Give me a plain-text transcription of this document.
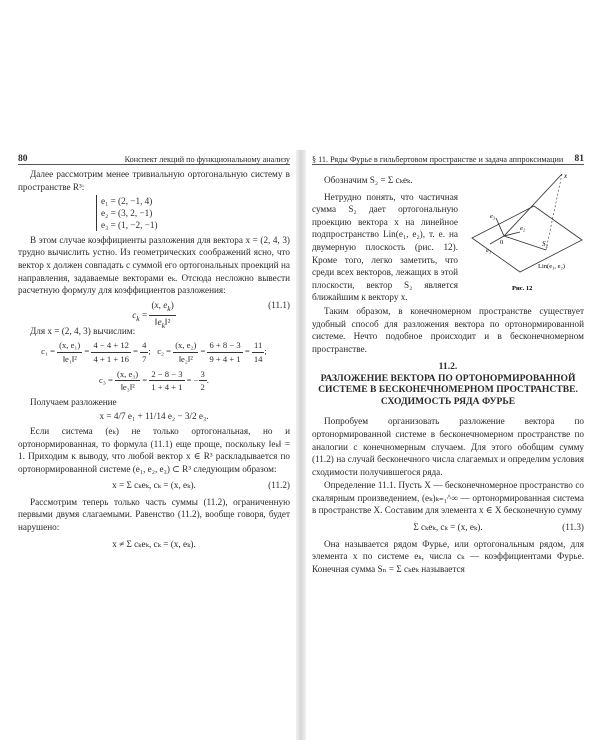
80	Конспект лекций по функциональному анализу	§ 11. Ряды Фурье в гильбертовом пространстве и задача аппроксимации 81

Далее рассмотрим менее тривиальную ортогональную систему в пространстве R³:

e₁ = (2, −1, 4)
e₂ = (3, 2, −1)
e₃ = (1, −2, −1)

В этом случае коэффициенты разложения для вектора x = (2, 4, 3) трудно вычислить устно. Из геометрических соображений ясно, что вектор x должен совпадать с суммой его ортогональных проекций на направления, задаваемые векторами eₖ. Отсюда несложно вывести расчетную формулу для коэффициентов разложения:

$c_k = \frac{(x, e_k)}{‖e_k‖^2}$	(11.1)

Для x = (2, 4, 3) вычислим:

$c_1 = \frac{\text{(x, e₁)}}{\text{‖e₁‖²}} = \frac{4 - 4 + 12}{4 + 1 + 16} = \frac{4}{7}$ ;   $c_2 = \frac{\text{(x, e₂)}}{\text{‖e₂‖²}} = \frac{6 + 8 - 3}{9 + 4 + 1} = \frac{11}{14}$ ;
$c_3 = \frac{\text{(x, e₃)}}{\text{‖e₃‖²}} = \frac{2 - 8 - 3}{1 + 4 + 1}$ = − $\frac{3}{2}$ .

Получаем разложение

x = 4/7 e₁ + 11/14 e₂ − 3/2 e₃.

Если система (eₖ) не только ортогональная, но и ортонормированная, то формула (11.1) еще проще, поскольку ‖eₖ‖ = 1. Приходим к выводу, что любой вектор x ∈ R³ раскладывается по ортонормированной системе (e₁, e₂, e₃) ⊂ R³ следующим образом:

x = Σ cₖeₖ, cₖ = (x, eₖ).	(11.2)

Рассмотрим теперь только часть суммы (11.2), ограниченную первыми двумя слагаемыми. Равенство (11.2), вообще говоря, будет нарушено:

x ≠ Σ cₖeₖ, cₖ = (x, eₖ).
x
S₂
e₁
e₂
e₃
0
Lin(e₁, e₂)
Рис. 12

Обозначим S₂ = Σ cₖeₖ.

Нетрудно понять, что частичная сумма S₂ дает ортогональную проекцию вектора x на линейное подпространство Lin(e₁, e₂), т. е. на двумерную плоскость (рис. 12). Кроме того, легко заметить, что среди всех векторов, лежащих в этой плоскости, вектор S₂ является ближайшим к вектору x.

Таким образом, в конечномерном пространстве существует удобный способ для разложения вектора по ортонормированной системе. Нечто подобное происходит и в бесконечномерном пространстве.

11.2.
РАЗЛОЖЕНИЕ ВЕКТОРА ПО ОРТОНОРМИРОВАННОЙ СИСТЕМЕ В БЕСКОНЕЧНОМЕРНОМ ПРОСТРАНСТВЕ. СХОДИМОСТЬ РЯДА ФУРЬЕ

Попробуем организовать разложение вектора по ортонормированной системе в бесконечномерном пространстве по аналогии с конечномерным случаем. Для этого обобщим сумму (11.2) на случай бесконечного числа слагаемых и определим условия сходимости получившегося ряда.

Определение 11.1. Пусть X — бесконечномерное пространство со скалярным произведением, (eₖ)ₖ₌₁^∞ — ортонормированная система в пространстве X. Составим для элемента x ∈ X бесконечную сумму

Σ cₖeₖ, cₖ = (x, eₖ).	(11.3)

Она называется рядом Фурье, или ортогональным рядом, для элемента x по системе eₖ, числа cₖ — коэффициентами Фурье. Конечная сумма Sₙ = Σ cₖeₖ называется
